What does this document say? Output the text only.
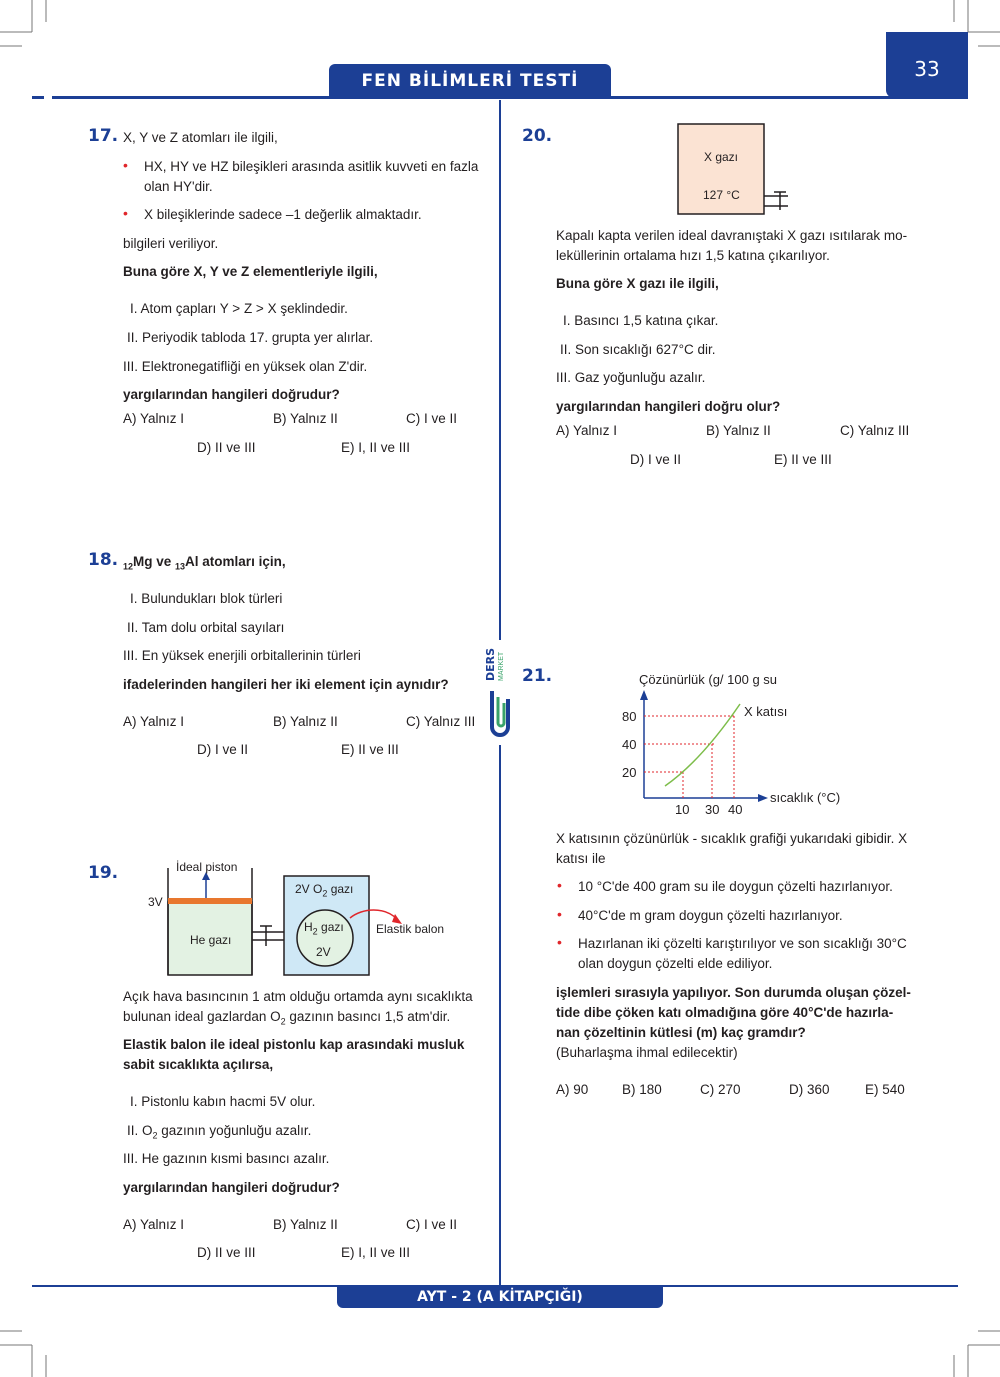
FEN BİLİMLERİ TESTİ	33
DERS MARKET
17. X, Y ve Z atomları ile ilgili,
• HX, HY ve HZ bileşikleri arasında asitlik kuvveti en fazla
olan HY'dir.
• X bileşiklerinde sadece –1 değerlik almaktadır.
bilgileri veriliyor.
Buna göre X, Y ve Z elementleriyle ilgili,
I. Atom çapları Y > Z > X şeklindedir.
II. Periyodik tabloda 17. grupta yer alırlar.
III. Elektronegatifliği en yüksek olan Z'dir.
yargılarından hangileri doğrudur?
A) Yalnız I	B) Yalnız II	C) I ve II
D) II ve III	E) I, II ve III
18. $_{12}$Mg ve $_{13}$Al atomları için,
I. Bulundukları blok türleri
II. Tam dolu orbital sayıları
III. En yüksek enerjili orbitallerinin türleri
ifadelerinden hangileri her iki element için aynıdır?
A) Yalnız I	B) Yalnız II	C) Yalnız III
D) I ve II	E) II ve III
19.	İdeal piston
3V
He gazı
2V $O_2$ gazı
$H_2$ gazı
2V
Elastik balon
Açık hava basıncının 1 atm olduğu ortamda aynı sıcaklıkta
bulunan ideal gazlardan $O_2$ gazının basıncı 1,5 atm'dir.
Elastik balon ile ideal pistonlu kap arasındaki musluk
sabit sıcaklıkta açılırsa,
I. Pistonlu kabın hacmi 5V olur.
II. $O_2$ gazının yoğunluğu azalır.
III. He gazının kısmi basıncı azalır.
yargılarından hangileri doğrudur?
A) Yalnız I	B) Yalnız II	C) I ve II
D) II ve III	E) I, II ve III
20.
X gazı
127 °C
Kapalı kapta verilen ideal davranıştaki X gazı ısıtılarak mo-
leküllerinin ortalama hızı 1,5 katına çıkarılıyor.
Buna göre X gazı ile ilgili,
I. Basıncı 1,5 katına çıkar.
II. Son sıcaklığı 627°C dir.
III. Gaz yoğunluğu azalır.
yargılarından hangileri doğru olur?
A) Yalnız I	B) Yalnız II	C) Yalnız III
D) I ve II	E) II ve III
21.	Çözünürlük (g/ 100 g su
X katısı
80
40
20
10 30 40
sıcaklık (°C)
X katısının çözünürlük - sıcaklık grafiği yukarıdaki gibidir. X
katısı ile
• 10 °C'de 400 gram su ile doygun çözelti hazırlanıyor.
• 40°C'de m gram doygun çözelti hazırlanıyor.
• Hazırlanan iki çözelti karıştırılıyor ve son sıcaklığı 30°C
olan doygun çözelti elde ediliyor.
işlemleri sırasıyla yapılıyor. Son durumda oluşan çözel-
tide dibe çöken katı olmadığına göre 40°C'de hazırla-
nan çözeltinin kütlesi (m) kaç gramdır?
(Buharlaşma ihmal edilecektir)
A) 90 B) 180	C) 270	D) 360	E) 540
AYT - 2 (A KİTAPÇIĞI)
